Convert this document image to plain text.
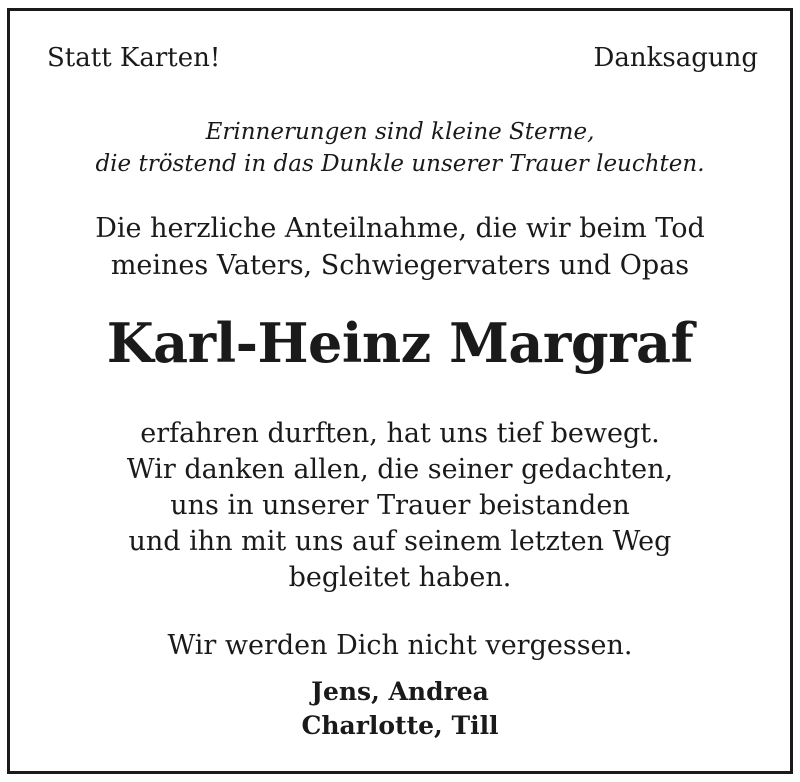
Statt Karten!	Danksagung
Erinnerungen sind kleine Sterne,
die tröstend in das Dunkle unserer Trauer leuchten.
Die herzliche Anteilnahme, die wir beim Tod
meines Vaters, Schwiegervaters und Opas
Karl-Heinz Margraf
erfahren durften, hat uns tief bewegt.
Wir danken allen, die seiner gedachten,
uns in unserer Trauer beistanden
und ihn mit uns auf seinem letzten Weg
begleitet haben.
Wir werden Dich nicht vergessen.
Jens, Andrea
Charlotte, Till
